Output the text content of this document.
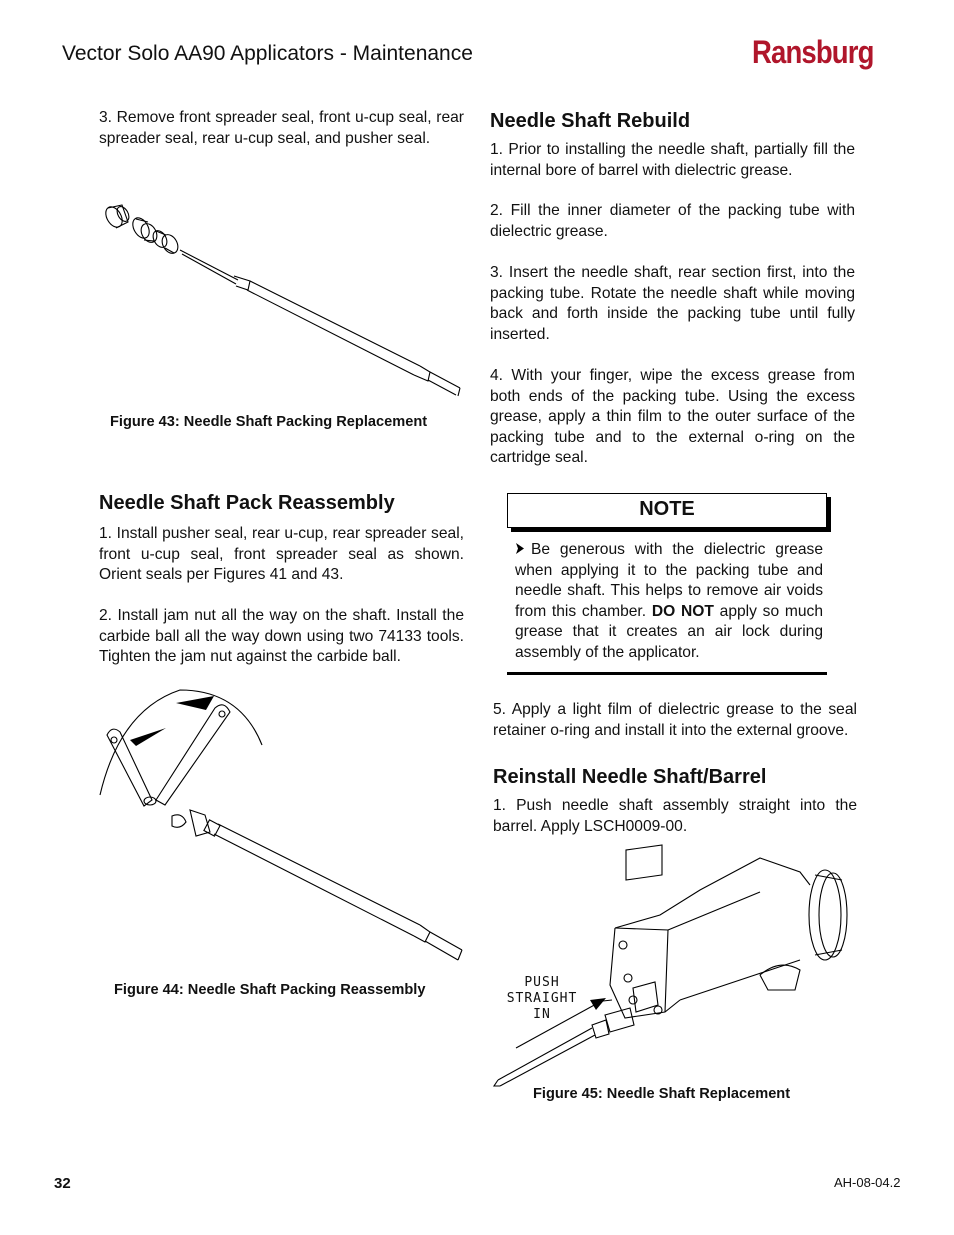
Vector Solo AA90 Applicators - Maintenance	Ransburg
3. Remove front spreader seal, front u-cup seal, rear spreader seal, rear u-cup seal, and pusher seal.
Figure 43: Needle Shaft Packing Replacement
Needle Shaft Pack Reassembly
1. Install pusher seal, rear u-cup, rear spreader seal, front u-cup seal, front spreader seal as shown. Orient seals per Figures 41 and 43.
2. Install jam nut all the way on the shaft. Install the carbide ball all the way down using two 74133 tools. Tighten the jam nut against the carbide ball.
Figure 44: Needle Shaft Packing Reassembly
Needle Shaft Rebuild
1. Prior to installing the needle shaft, partially fill the internal bore of barrel with dielectric grease.
2. Fill the inner diameter of the packing tube with dielectric grease.
3. Insert the needle shaft, rear section first, into the packing tube. Rotate the needle shaft while moving back and forth inside the packing tube until fully inserted.
4. With your finger, wipe the excess grease from both ends of the packing tube. Using the excess grease, apply a thin film to the outer surface of the packing tube and to the external o-ring on the cartridge seal.
NOTE
Be generous with the dielectric grease when applying it to the packing tube and needle shaft. This helps to remove air voids from this chamber. DO NOT apply so much grease that it creates an air lock during assembly of the applicator.
5. Apply a light film of dielectric grease to the seal retainer o-ring and install it into the external groove.
Reinstall Needle Shaft/Barrel
1. Push needle shaft assembly straight into the barrel. Apply LSCH0009-00.
PUSH
STRAIGHT
IN
Figure 45: Needle Shaft Replacement
32	AH-08-04.2
